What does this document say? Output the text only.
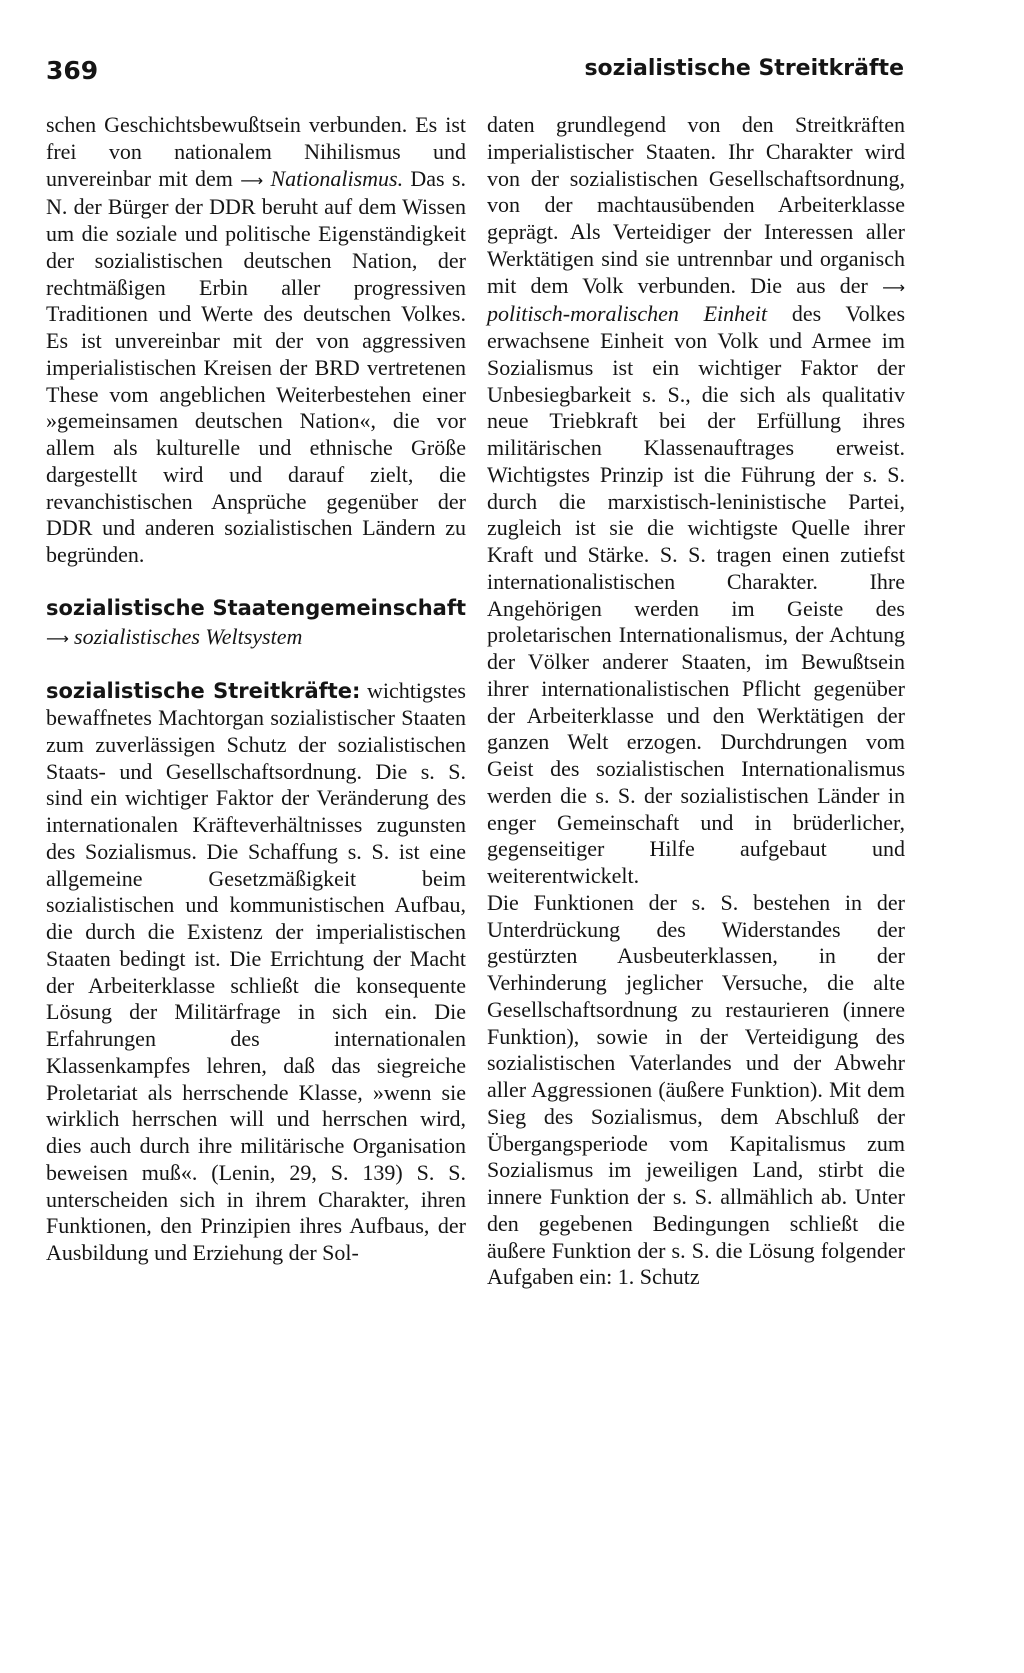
369	sozialistische Streitkräfte

schen Geschichtsbewußtsein verbunden. Es ist frei von nationalem Nihilismus und unvereinbar mit dem ⟶ Nationalismus. Das s. N. der Bürger der DDR beruht auf dem Wissen um die soziale und politische Eigenständigkeit der sozialistischen deutschen Nation, der rechtmäßigen Erbin aller progressiven Traditionen und Werte des deutschen Volkes. Es ist unvereinbar mit der von aggressiven imperialistischen Kreisen der BRD vertretenen These vom angeblichen Weiterbestehen einer »gemeinsamen deutschen Nation«, die vor allem als kulturelle und ethnische Größe dargestellt wird und darauf zielt, die revanchistischen Ansprüche gegenüber der DDR und anderen sozialistischen Ländern zu begründen.

sozialistische Staatengemeinschaft ⟶ sozialistisches Weltsystem

sozialistische Streitkräfte: wichtigstes bewaffnetes Machtorgan sozialistischer Staaten zum zuverlässigen Schutz der sozialistischen Staats- und Gesellschaftsordnung. Die s. S. sind ein wichtiger Faktor der Veränderung des internationalen Kräfteverhältnisses zugunsten des Sozialismus. Die Schaffung s. S. ist eine allgemeine Gesetzmäßigkeit beim sozialistischen und kommunistischen Aufbau, die durch die Existenz der imperialistischen Staaten bedingt ist. Die Errichtung der Macht der Arbeiterklasse schließt die konsequente Lösung der Militärfrage in sich ein. Die Erfahrungen des internationalen Klassenkampfes lehren, daß das siegreiche Proletariat als herrschende Klasse, »wenn sie wirklich herrschen will und herrschen wird, dies auch durch ihre militärische Organisation beweisen muß«. (Lenin, 29, S. 139) S. S. unterscheiden sich in ihrem Charakter, ihren Funktionen, den Prinzipien ihres Aufbaus, der Ausbildung und Erziehung der Sol-

daten grundlegend von den Streitkräften imperialistischer Staaten. Ihr Charakter wird von der sozialistischen Gesellschaftsordnung, von der machtausübenden Arbeiterklasse geprägt. Als Verteidiger der Interessen aller Werktätigen sind sie untrennbar und organisch mit dem Volk verbunden. Die aus der ⟶ politisch-moralischen Einheit des Volkes erwachsene Einheit von Volk und Armee im Sozialismus ist ein wichtiger Faktor der Unbesiegbarkeit s. S., die sich als qualitativ neue Triebkraft bei der Erfüllung ihres militärischen Klassenauftrages erweist. Wichtigstes Prinzip ist die Führung der s. S. durch die marxistisch-leninistische Partei, zugleich ist sie die wichtigste Quelle ihrer Kraft und Stärke. S. S. tragen einen zutiefst internationalistischen Charakter. Ihre Angehörigen werden im Geiste des proletarischen Internationalismus, der Achtung der Völker anderer Staaten, im Bewußtsein ihrer internationalistischen Pflicht gegenüber der Arbeiterklasse und den Werktätigen der ganzen Welt erzogen. Durchdrungen vom Geist des sozialistischen Internationalismus werden die s. S. der sozialistischen Länder in enger Gemeinschaft und in brüderlicher, gegenseitiger Hilfe aufgebaut und weiterentwickelt.

Die Funktionen der s. S. bestehen in der Unterdrückung des Widerstandes der gestürzten Ausbeuterklassen, in der Verhinderung jeglicher Versuche, die alte Gesellschaftsordnung zu restaurieren (innere Funktion), sowie in der Verteidigung des sozialistischen Vaterlandes und der Abwehr aller Aggressionen (äußere Funktion). Mit dem Sieg des Sozialismus, dem Abschluß der Übergangsperiode vom Kapitalismus zum Sozialismus im jeweiligen Land, stirbt die innere Funktion der s. S. allmählich ab. Unter den gegebenen Bedingungen schließt die äußere Funktion der s. S. die Lösung folgender Aufgaben ein: 1. Schutz
